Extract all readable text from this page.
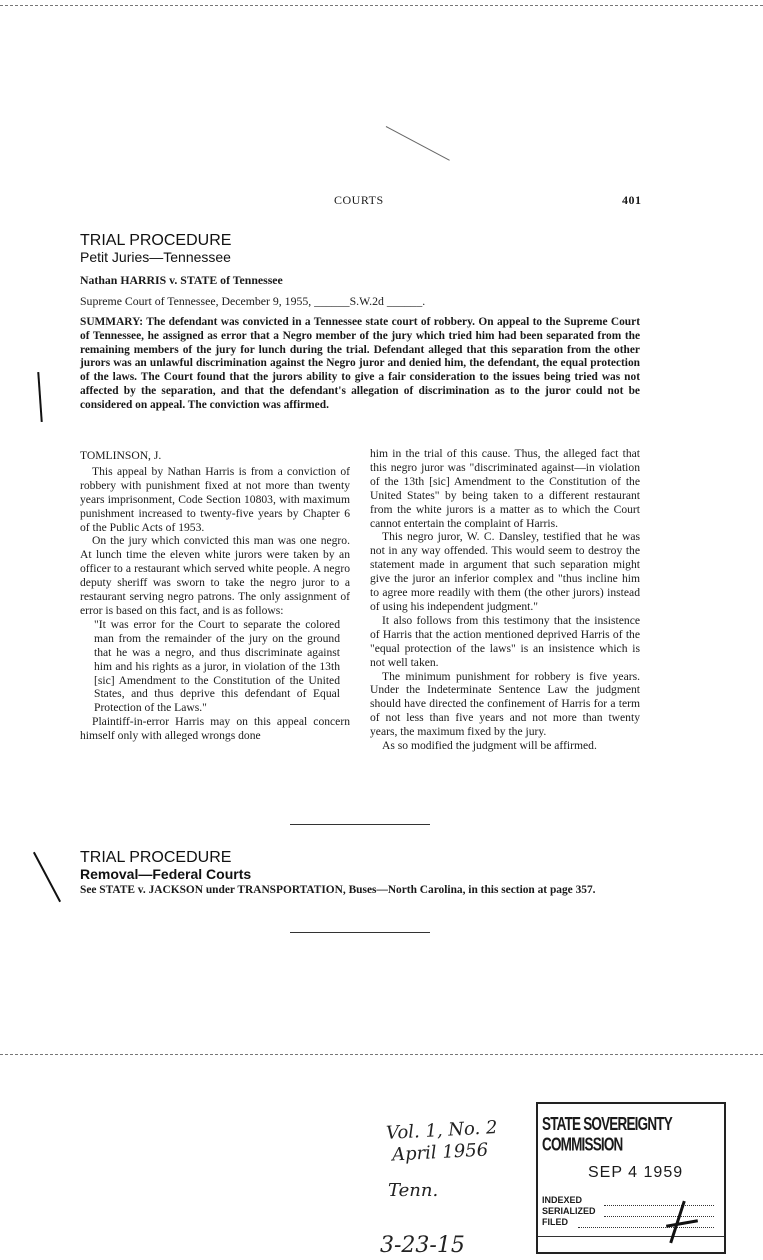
COURTS	401
TRIAL PROCEDURE
Petit Juries—Tennessee
Nathan HARRIS v. STATE of Tennessee
Supreme Court of Tennessee, December 9, 1955, ______S.W.2d ______.
SUMMARY: The defendant was convicted in a Tennessee state court of robbery. On appeal to the Supreme Court of Tennessee, he assigned as error that a Negro member of the jury which tried him had been separated from the remaining members of the jury for lunch during the trial. Defendant alleged that this separation from the other jurors was an unlawful discrimination against the Negro juror and denied him, the defendant, the equal protection of the laws. The Court found that the jurors ability to give a fair consideration to the issues being tried was not affected by the separation, and that the defendant's allegation of discrimination as to the juror could not be considered on appeal. The conviction was affirmed.

TOMLINSON, J.

This appeal by Nathan Harris is from a conviction of robbery with punishment fixed at not more than twenty years imprisonment, Code Section 10803, with maximum punishment increased to twenty-five years by Chapter 6 of the Public Acts of 1953.

On the jury which convicted this man was one negro. At lunch time the eleven white jurors were taken by an officer to a restaurant which served white people. A negro deputy sheriff was sworn to take the negro juror to a restaurant serving negro patrons. The only assignment of error is based on this fact, and is as follows:

"It was error for the Court to separate the colored man from the remainder of the jury on the ground that he was a negro, and thus discriminate against him and his rights as a juror, in violation of the 13th [sic] Amendment to the Constitution of the United States, and thus deprive this defendant of Equal Protection of the Laws."

Plaintiff-in-error Harris may on this appeal concern himself only with alleged wrongs done

him in the trial of this cause. Thus, the alleged fact that this negro juror was "discriminated against—in violation of the 13th [sic] Amendment to the Constitution of the United States" by being taken to a different restaurant from the white jurors is a matter as to which the Court cannot entertain the complaint of Harris.

This negro juror, W. C. Dansley, testified that he was not in any way offended. This would seem to destroy the statement made in argument that such separation might give the juror an inferior complex and "thus incline him to agree more readily with them (the other jurors) instead of using his independent judgment."

It also follows from this testimony that the insistence of Harris that the action mentioned deprived Harris of the "equal protection of the laws" is an insistence which is not well taken.

The minimum punishment for robbery is five years. Under the Indeterminate Sentence Law the judgment should have directed the confinement of Harris for a term of not less than five years and not more than twenty years, the maximum fixed by the jury.

As so modified the judgment will be affirmed.

TRIAL PROCEDURE
Removal—Federal Courts
See STATE v. JACKSON under TRANSPORTATION, Buses—North Carolina, in this section at page 357.
Vol. 1, No. 2
April 1956
Tenn.
3-23-15
STATE SOVEREIGNTY COMMISSION
SEP 4 1959
INDEXED
SERIALIZED
FILED
